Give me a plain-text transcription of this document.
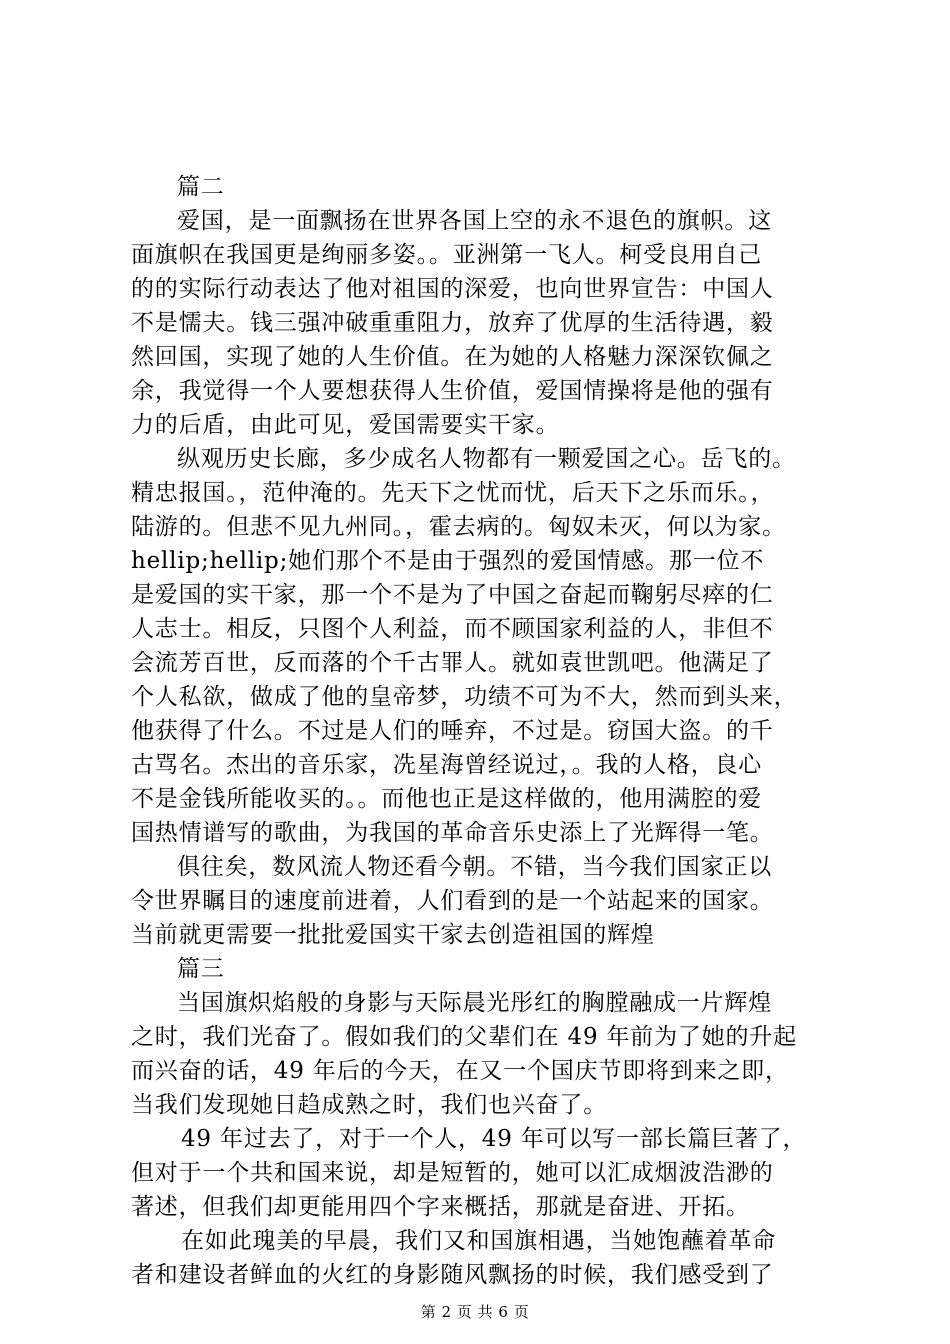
篇二
爱国，是一面飘扬在世界各国上空的永不退色的旗帜。这
面旗帜在我国更是绚丽多姿。。亚洲第一飞人。柯受良用自己
的的实际行动表达了他对祖国的深爱，也向世界宣告：中国人
不是懦夫。钱三强冲破重重阻力，放弃了优厚的生活待遇，毅
然回国，实现了她的人生价值。在为她的人格魅力深深钦佩之
余，我觉得一个人要想获得人生价值，爱国情操将是他的强有
力的后盾，由此可见，爱国需要实干家。
纵观历史长廊，多少成名人物都有一颗爱国之心。岳飞的。
精忠报国。，范仲淹的。先天下之忧而忧，后天下之乐而乐。，
陆游的。但悲不见九州同。，霍去病的。匈奴未灭，何以为家。
hellip;hellip;她们那个不是由于强烈的爱国情感。那一位不
是爱国的实干家，那一个不是为了中国之奋起而鞠躬尽瘁的仁
人志士。相反，只图个人利益，而不顾国家利益的人，非但不
会流芳百世，反而落的个千古罪人。就如袁世凯吧。他满足了
个人私欲，做成了他的皇帝梦，功绩不可为不大，然而到头来，
他获得了什么。不过是人们的唾弃，不过是。窃国大盗。的千
古骂名。杰出的音乐家，冼星海曾经说过，。我的人格，良心
不是金钱所能收买的。。而他也正是这样做的，他用满腔的爱
国热情谱写的歌曲，为我国的革命音乐史添上了光辉得一笔。
俱往矣，数风流人物还看今朝。不错，当今我们国家正以
令世界瞩目的速度前进着，人们看到的是一个站起来的国家。
当前就更需要一批批爱国实干家去创造祖国的辉煌
篇三
当国旗炽焰般的身影与天际晨光彤红的胸膛融成一片辉煌
之时，我们光奋了。假如我们的父辈们在 49 年前为了她的升起
而兴奋的话，49 年后的今天，在又一个国庆节即将到来之即，
当我们发现她日趋成熟之时，我们也兴奋了。
49 年过去了，对于一个人，49 年可以写一部长篇巨著了，
但对于一个共和国来说，却是短暂的，她可以汇成烟波浩渺的
著述，但我们却更能用四个字来概括，那就是奋进、开拓。
在如此瑰美的早晨，我们又和国旗相遇，当她饱蘸着革命
者和建设者鲜血的火红的身影随风飘扬的时候，我们感受到了
第 2 页 共 6 页
